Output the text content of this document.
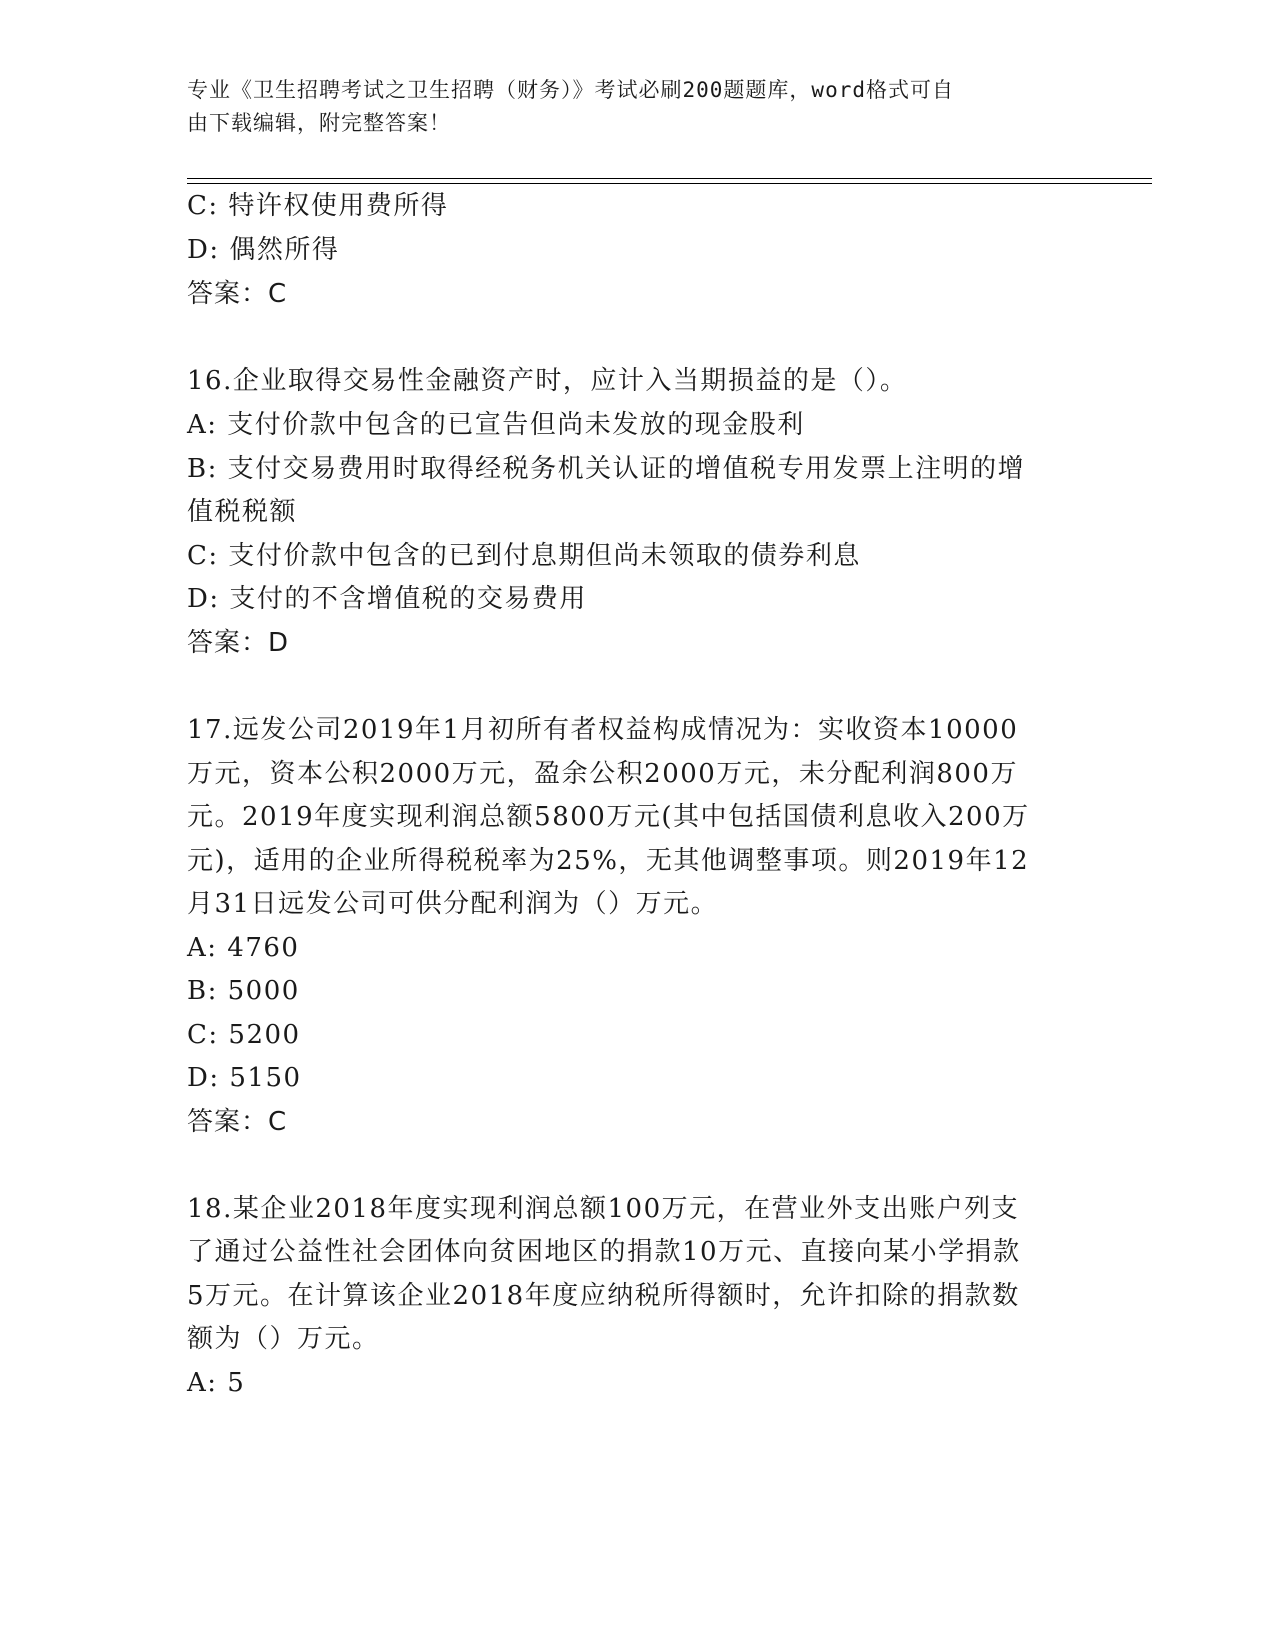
专业《卫生招聘考试之卫生招聘（财务）》考试必刷200题题库，word格式可自
由下载编辑，附完整答案！
C: 特许权使用费所得
D: 偶然所得
答案：C
16.企业取得交易性金融资产时，应计入当期损益的是（）。
A: 支付价款中包含的已宣告但尚未发放的现金股利
B: 支付交易费用时取得经税务机关认证的增值税专用发票上注明的增
值税税额
C: 支付价款中包含的已到付息期但尚未领取的债券利息
D: 支付的不含增值税的交易费用
答案：D
17.远发公司2019年1月初所有者权益构成情况为：实收资本10000
万元，资本公积2000万元，盈余公积2000万元，未分配利润800万
元。2019年度实现利润总额5800万元(其中包括国债利息收入200万
元)，适用的企业所得税税率为25%，无其他调整事项。则2019年12
月31日远发公司可供分配利润为（）万元。
A: 4760
B: 5000
C: 5200
D: 5150
答案：C
18.某企业2018年度实现利润总额100万元，在营业外支出账户列支
了通过公益性社会团体向贫困地区的捐款10万元、直接向某小学捐款
5万元。在计算该企业2018年度应纳税所得额时，允许扣除的捐款数
额为（）万元。
A: 5
